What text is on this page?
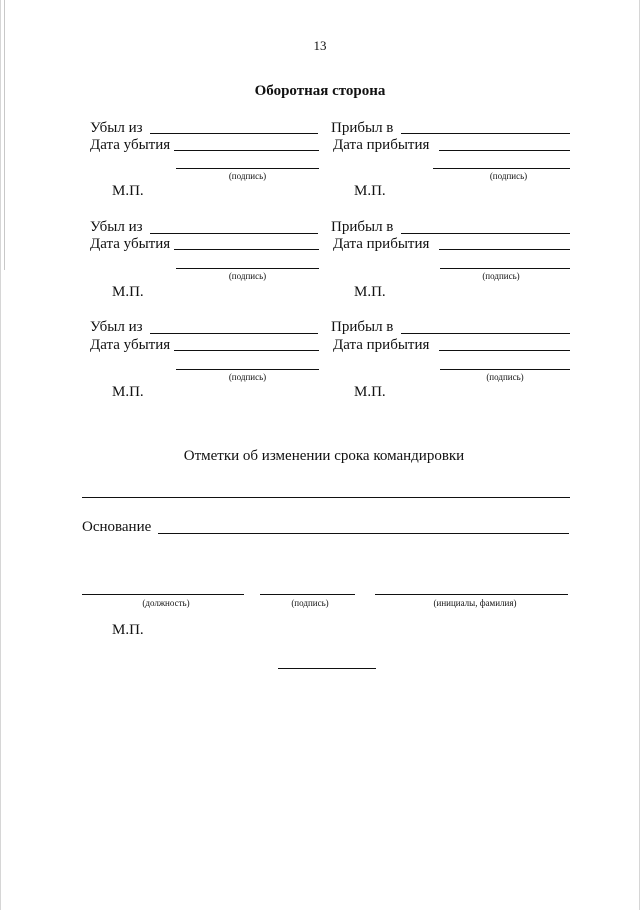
13
Оборотная сторона
Убыл из	Прибыл в
Дата убытия	Дата прибытия
(подпись)	(подпись)
М.П.	М.П.
Убыл из	Прибыл в
Дата убытия	Дата прибытия
(подпись)	(подпись)
М.П.	М.П.
Убыл из	Прибыл в
Дата убытия	Дата прибытия
(подпись)	(подпись)
М.П.	М.П.
Отметки об изменении срока командировки
Основание
(должность)	(подпись)	(инициалы, фамилия)
М.П.
